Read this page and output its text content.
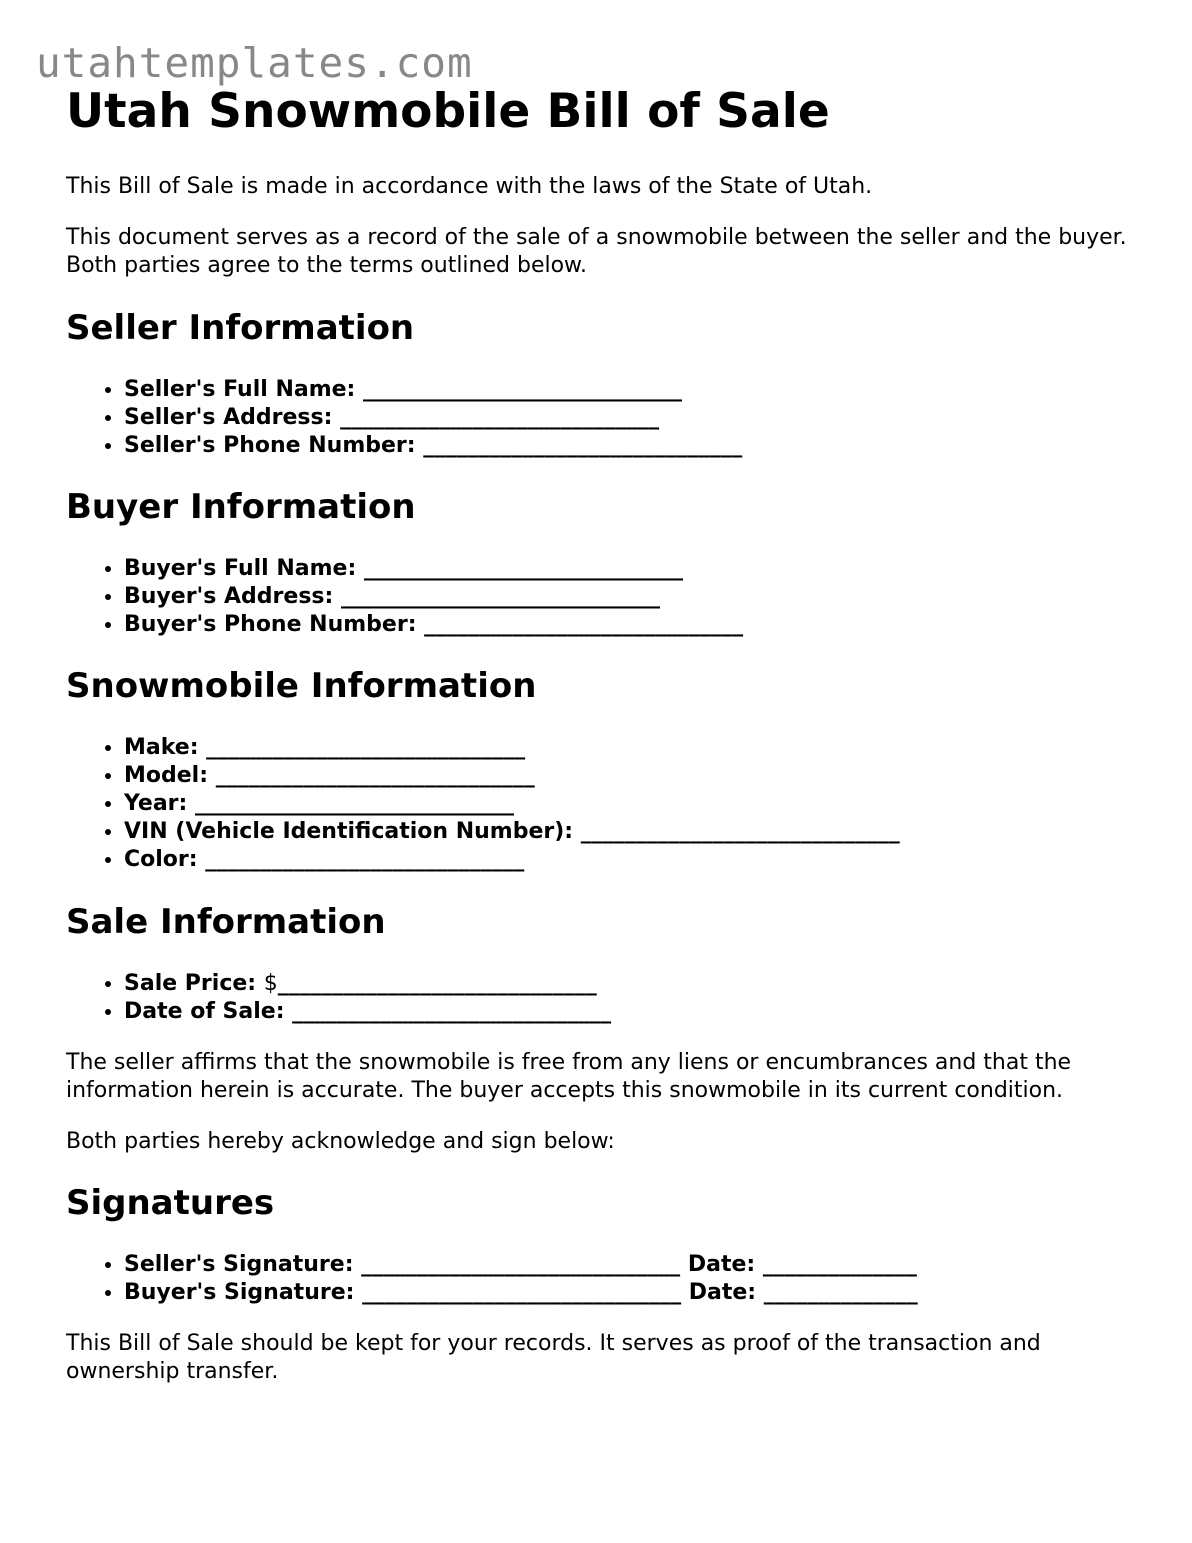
utahtemplates.com
Utah Snowmobile Bill of Sale

This Bill of Sale is made in accordance with the laws of the State of Utah.

This document serves as a record of the sale of a snowmobile between the seller and the buyer. Both parties agree to the terms outlined below.

Seller Information
• Seller's Full Name: _____________________________
• Seller's Address: _____________________________
• Seller's Phone Number: _____________________________
Buyer Information
• Buyer's Full Name: _____________________________
• Buyer's Address: _____________________________
• Buyer's Phone Number: _____________________________
Snowmobile Information
• Make: _____________________________
• Model: _____________________________
• Year: _____________________________
• VIN (Vehicle Identification Number): _____________________________
• Color: _____________________________
Sale Information
• Sale Price: $_____________________________
• Date of Sale: _____________________________

The seller affirms that the snowmobile is free from any liens or encumbrances and that the information herein is accurate. The buyer accepts this snowmobile in its current condition.

Both parties hereby acknowledge and sign below:

Signatures
• Seller's Signature: _____________________________ Date: ______________
• Buyer's Signature: _____________________________ Date: ______________

This Bill of Sale should be kept for your records. It serves as proof of the transaction and ownership transfer.
